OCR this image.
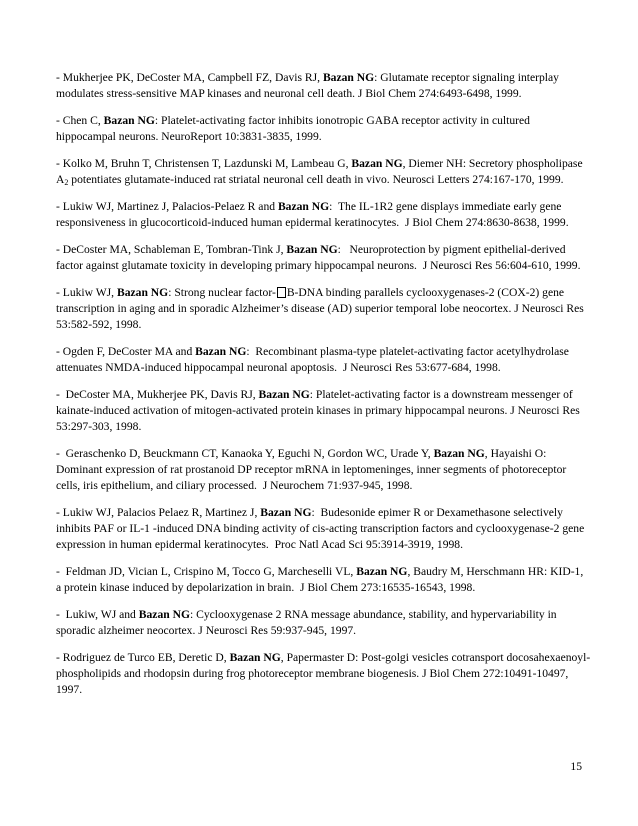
- Mukherjee PK, DeCoster MA, Campbell FZ, Davis RJ, Bazan NG: Glutamate receptor signaling interplay modulates stress-sensitive MAP kinases and neuronal cell death. J Biol Chem 274:6493-6498, 1999.

- Chen C, Bazan NG: Platelet-activating factor inhibits ionotropic GABA receptor activity in cultured hippocampal neurons. NeuroReport 10:3831-3835, 1999.

- Kolko M, Bruhn T, Christensen T, Lazdunski M, Lambeau G, Bazan NG, Diemer NH: Secretory phospholipase $A_2$ potentiates glutamate-induced rat striatal neuronal cell death in vivo. Neurosci Letters 274:167-170, 1999.

- Lukiw WJ, Martinez J, Palacios-Pelaez R and Bazan NG:  The IL-1R2 gene displays immediate early gene responsiveness in glucocorticoid-induced human epidermal keratinocytes.  J Biol Chem 274:8630-8638, 1999.

- DeCoster MA, Schableman E, Tombran-Tink J, Bazan NG:   Neuroprotection by pigment epithelial-derived factor against glutamate toxicity in developing primary hippocampal neurons.  J Neurosci Res 56:604-610, 1999.

- Lukiw WJ, Bazan NG: Strong nuclear factor- B-DNA binding parallels cyclooxygenases-2 (COX-2) gene transcription in aging and in sporadic Alzheimer’s disease (AD) superior temporal lobe neocortex. J Neurosci Res 53:582-592, 1998.

- Ogden F, DeCoster MA and Bazan NG:  Recombinant plasma-type platelet-activating factor acetylhydrolase attenuates NMDA-induced hippocampal neuronal apoptosis.  J Neurosci Res 53:677-684, 1998.

-  DeCoster MA, Mukherjee PK, Davis RJ, Bazan NG: Platelet-activating factor is a downstream messenger of kainate-induced activation of mitogen-activated protein kinases in primary hippocampal neurons. J Neurosci Res 53:297-303, 1998.

-  Geraschenko D, Beuckmann CT, Kanaoka Y, Eguchi N, Gordon WC, Urade Y, Bazan NG, Hayaishi O: Dominant expression of rat prostanoid DP receptor mRNA in leptomeninges, inner segments of photoreceptor cells, iris epithelium, and ciliary processed.  J Neurochem 71:937-945, 1998.

- Lukiw WJ, Palacios Pelaez R, Martinez J, Bazan NG:  Budesonide epimer R or Dexamethasone selectively inhibits PAF or IL-1 -induced DNA binding activity of cis-acting transcription factors and cyclooxygenase-2 gene expression in human epidermal keratinocytes.  Proc Natl Acad Sci 95:3914-3919, 1998.

-  Feldman JD, Vician L, Crispino M, Tocco G, Marcheselli VL, Bazan NG, Baudry M, Herschmann HR: KID-1, a protein kinase induced by depolarization in brain.  J Biol Chem 273:16535-16543, 1998.

-  Lukiw, WJ and Bazan NG: Cyclooxygenase 2 RNA message abundance, stability, and hypervariability in sporadic alzheimer neocortex. J Neurosci Res 59:937-945, 1997.

- Rodriguez de Turco EB, Deretic D, Bazan NG, Papermaster D: Post-golgi vesicles cotransport docosahexaenoyl-phospholipids and rhodopsin during frog photoreceptor membrane biogenesis. J Biol Chem 272:10491-10497, 1997.

15
